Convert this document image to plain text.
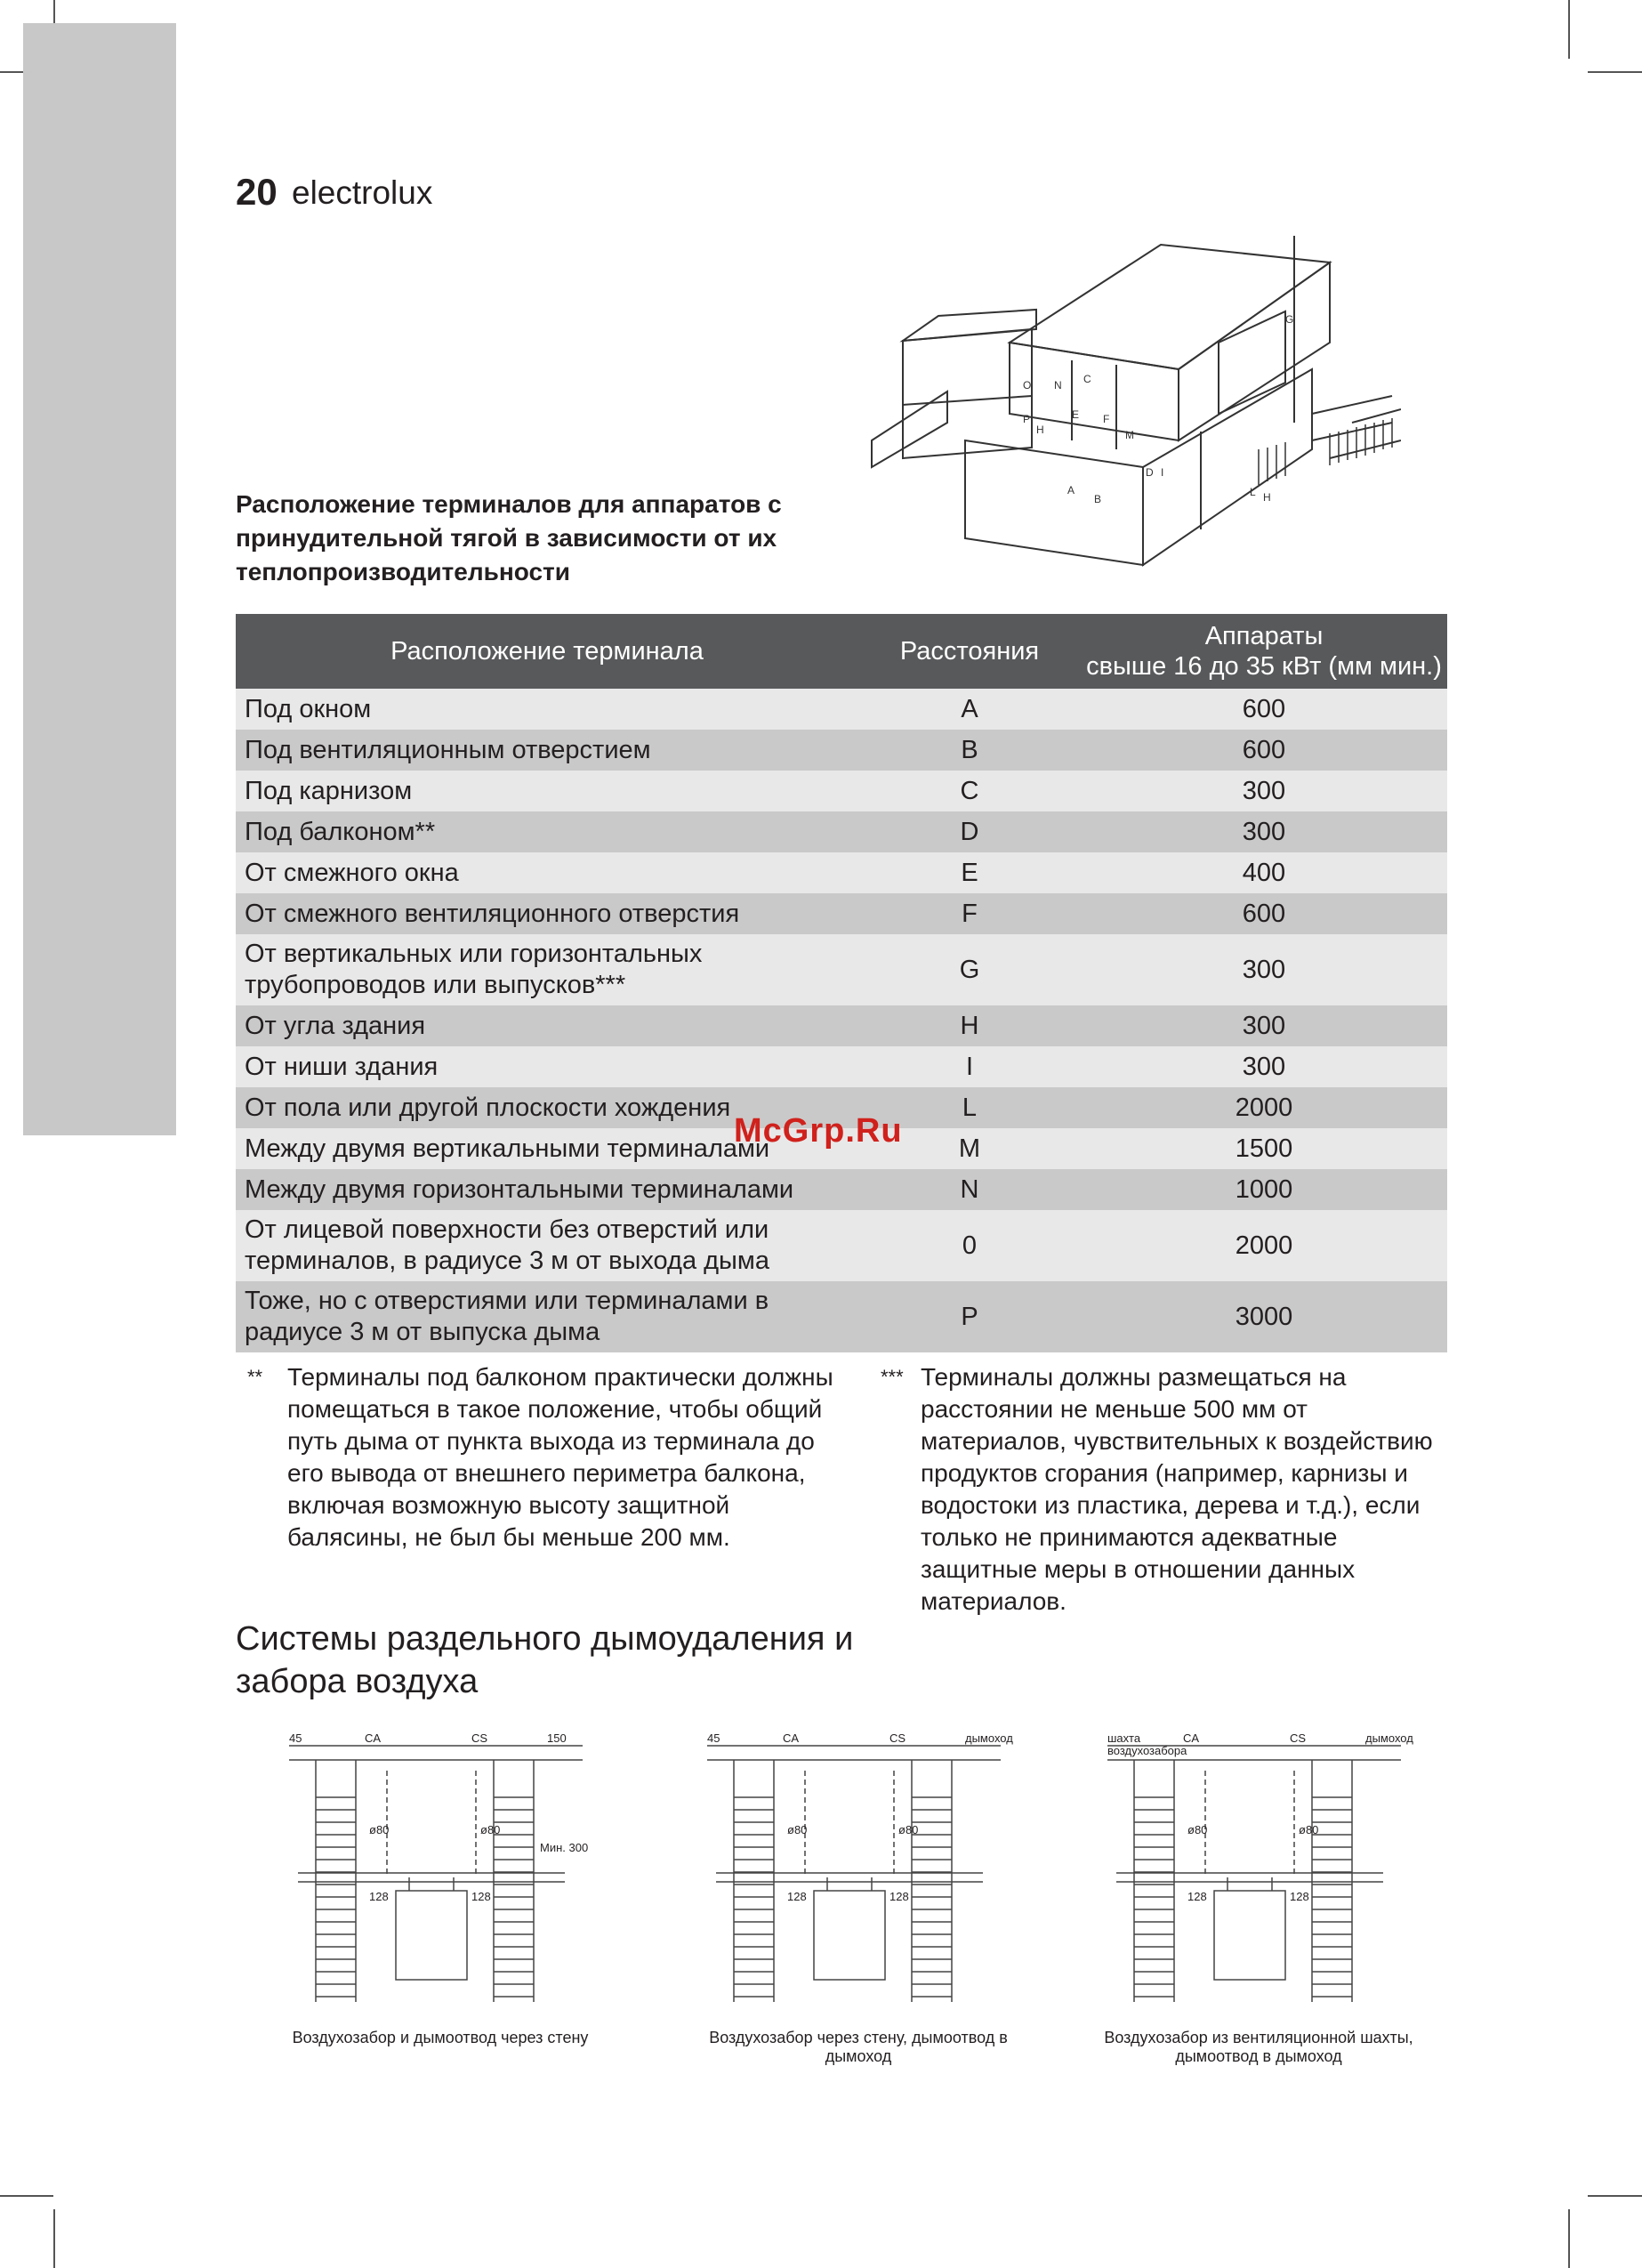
20 electrolux
G
C
N
O
F
E
P
H	M
I
A
B
D
L H
Расположение терминалов для аппаратов с принудительной тягой в зависимости от их теплопроизводительности
Расположение терминала	Расстояния	Аппараты
свыше 16 до 35 кВт (мм мин.)
Под окном	A	600
Под вентиляционным отверстием	B	600
Под карнизом	C	300
Под балконом**	D	300
От смежного окна	E	400
От смежного вентиляционного отверстия	F	600
От вертикальных или горизонтальных трубопроводов или выпусков***	G	300
От угла здания	H	300
От ниши здания	I	300
От пола или другой плоскости хождения	L	2000
Между двумя вертикальными терминалами	M	1500
Между двумя горизонтальными терминалами	N	1000
От лицевой поверхности без отверстий или терминалов, в радиусе 3 м от выхода дыма	0	2000
Тоже, но с отверстиями или терминалами в радиусе 3 м от выпуска дыма	P	3000
McGrp.Ru
** Терминалы под балконом практически должны помещаться в такое положение, чтобы общий путь дыма от пункта выхода из терминала до его вывода от внешнего периметра балкона, включая возможную высоту защитной балясины, не был бы меньше 200 мм.
*** Терминалы должны размещаться на расстоянии не меньше 500 мм от материалов, чувствительных к воздействию продуктов сгорания (например, карнизы и водостоки из пластика, дерева и т.д.), если только не принимаются адекватные защитные меры в отношении данных материалов.
Системы раздельного дымоудаления и забора воздуха
45	CA	CS	150
ø80	ø80
128	128
Мин. 300
Воздухозабор и дымоотвод через стену
45	CA	CS	дымоход
ø80	ø80
128	128
Воздухозабор через стену, дымоотвод в дымоход
шахта воздухозабора
CA	CS	дымоход
ø80	ø80
128	128
Воздухозабор из вентиляционной шахты, дымоотвод в дымоход
